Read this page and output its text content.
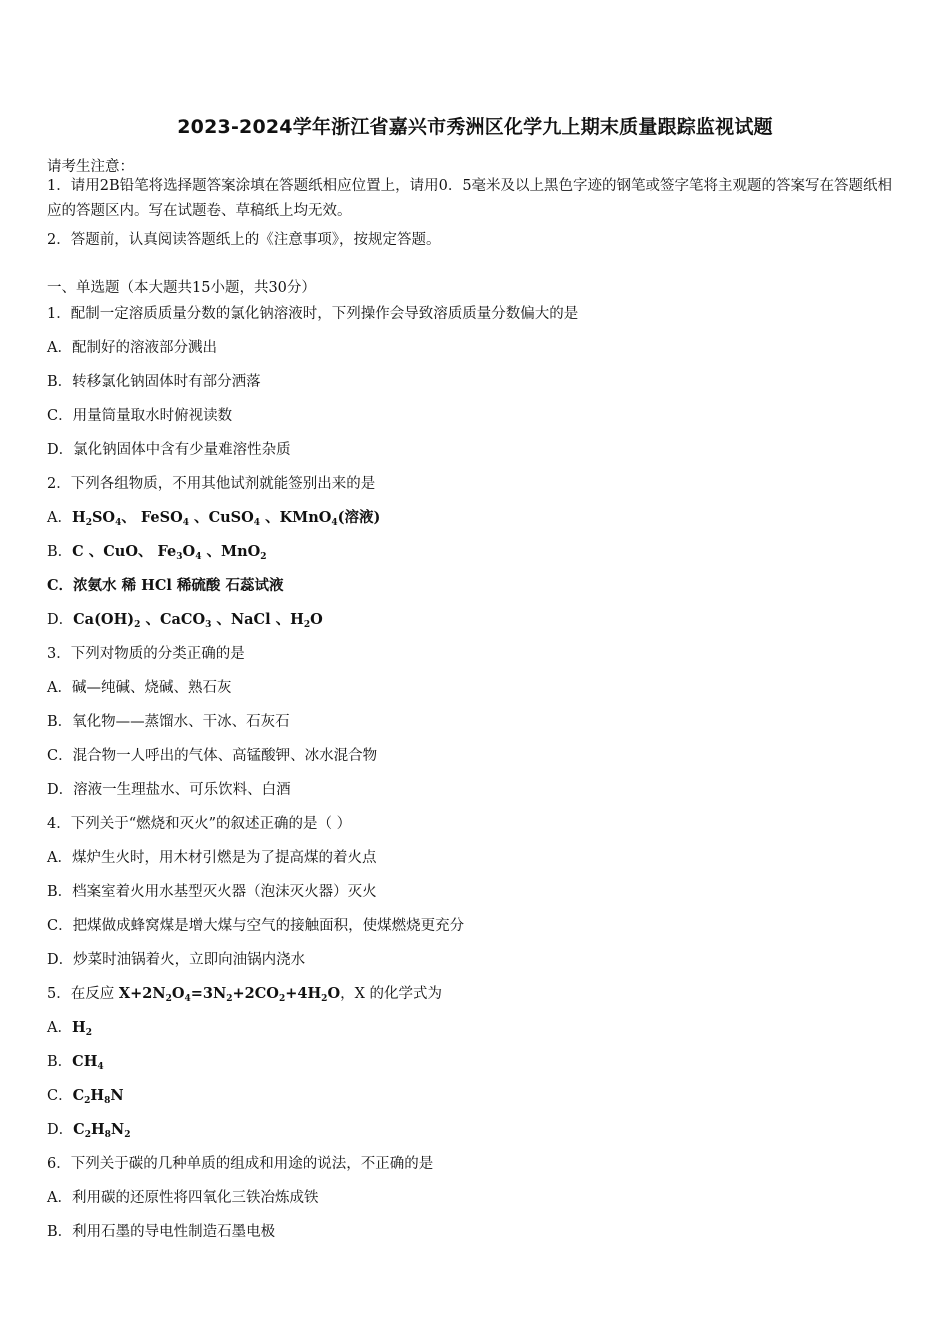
2023-2024学年浙江省嘉兴市秀洲区化学九上期末质量跟踪监视试题
请考生注意：
1．请用2B铅笔将选择题答案涂填在答题纸相应位置上，请用0．5毫米及以上黑色字迹的钢笔或签字笔将主观题的答案写在答题纸相应的答题区内。写在试题卷、草稿纸上均无效。
2．答题前，认真阅读答题纸上的《注意事项》，按规定答题。
一、单选题（本大题共15小题，共30分）
1．配制一定溶质质量分数的氯化钠溶液时，下列操作会导致溶质质量分数偏大的是
A．配制好的溶液部分溅出
B．转移氯化钠固体时有部分洒落
C．用量筒量取水时俯视读数
D．氯化钠固体中含有少量难溶性杂质
2．下列各组物质，不用其他试剂就能签别出来的是
A．$H_2SO_4$、 FeSO$_4$ 、CuSO$_4$ 、KMnO$_4$(溶液)
B．C 、CuO、 $Fe_3O_4$ 、MnO$_2$
C．浓氨水 稀 HCl 稀硫酸 石蕊试液
D．$Ca(OH)_2$ 、CaCO$_3$ 、NaCl 、$H_2O$
3．下列对物质的分类正确的是
A．碱—纯碱、烧碱、熟石灰
B．氧化物——蒸馏水、干冰、石灰石
C．混合物一人呼出的气体、高锰酸钾、冰水混合物
D．溶液一生理盐水、可乐饮料、白酒
4．下列关于“燃烧和灭火”的叙述正确的是（ ）
A．煤炉生火时，用木材引燃是为了提高煤的着火点
B．档案室着火用水基型灭火器（泡沫灭火器）灭火
C．把煤做成蜂窝煤是增大煤与空气的接触面积，使煤燃烧更充分
D．炒菜时油锅着火，立即向油锅内浇水
5．在反应 $X+2N_2O_4=3N_2+2CO_2+4H_2O$，X 的化学式为
A．$H_2$
B．$CH_4$
C．$C_2H_8N$
D．$C_2H_8N_2$
6．下列关于碳的几种单质的组成和用途的说法，不正确的是
A．利用碳的还原性将四氧化三铁冶炼成铁
B．利用石墨的导电性制造石墨电极
